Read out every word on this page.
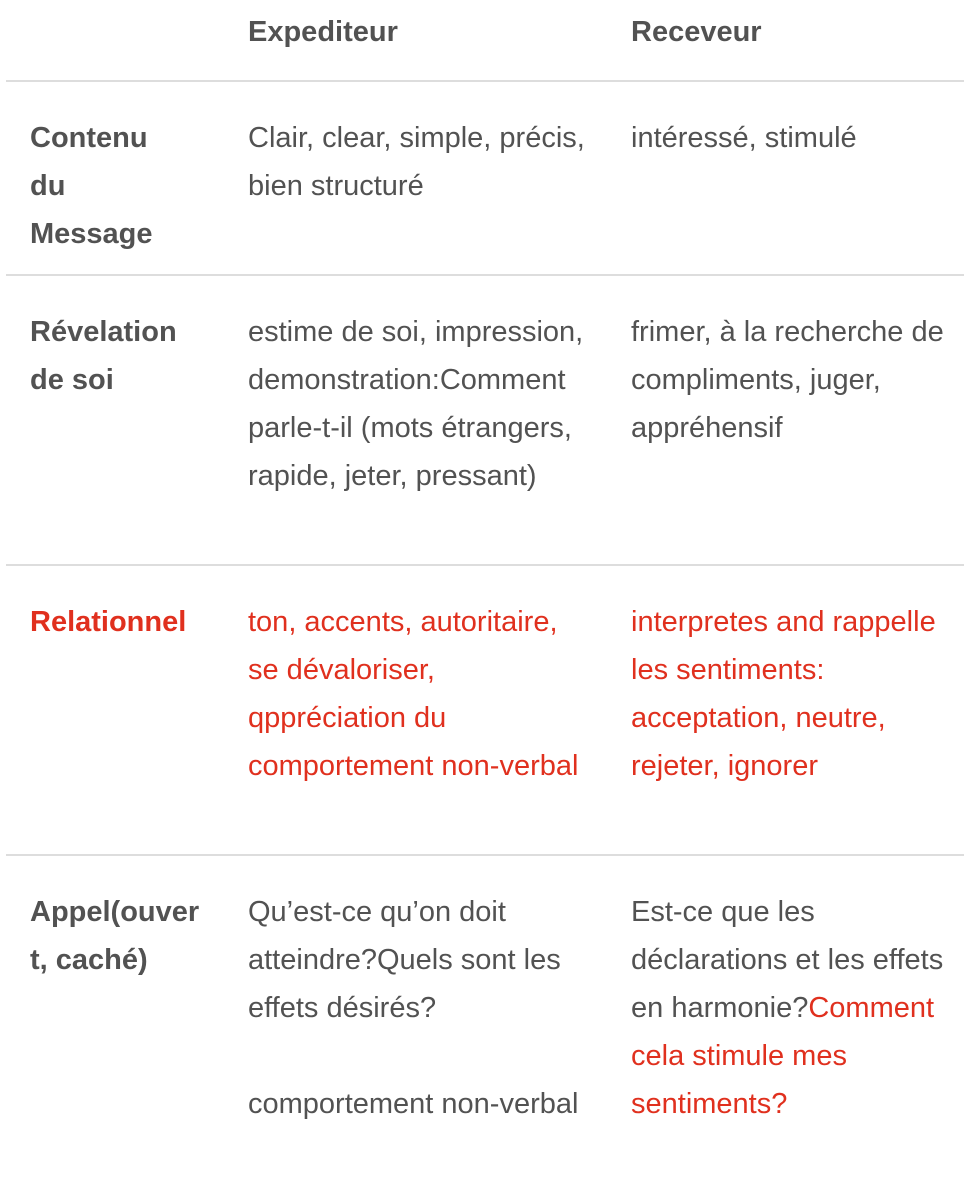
Expediteur	Receveur
Contenu du Message
Clair, clear, simple, précis, bien structuré
intéressé, stimulé
Révelation de soi
estime de soi, impression, demonstration:Comment parle-t-il (mots étrangers, rapide, jeter, pressant)
frimer, à la recherche de compliments, juger, appréhensif
Relationnel	ton, accents, autoritaire, se dévaloriser, qppréciation du comportement non-verbal
interpretes and rappelle les sentiments: acceptation, neutre, rejeter, ignorer
Appel(ouvert, caché)
Qu’est-ce qu’on doit atteindre?Quels sont les effets désirés?
comportement non-verbal
Est-ce que les déclarations et les effets en harmonie?Comment cela stimule mes sentiments?
